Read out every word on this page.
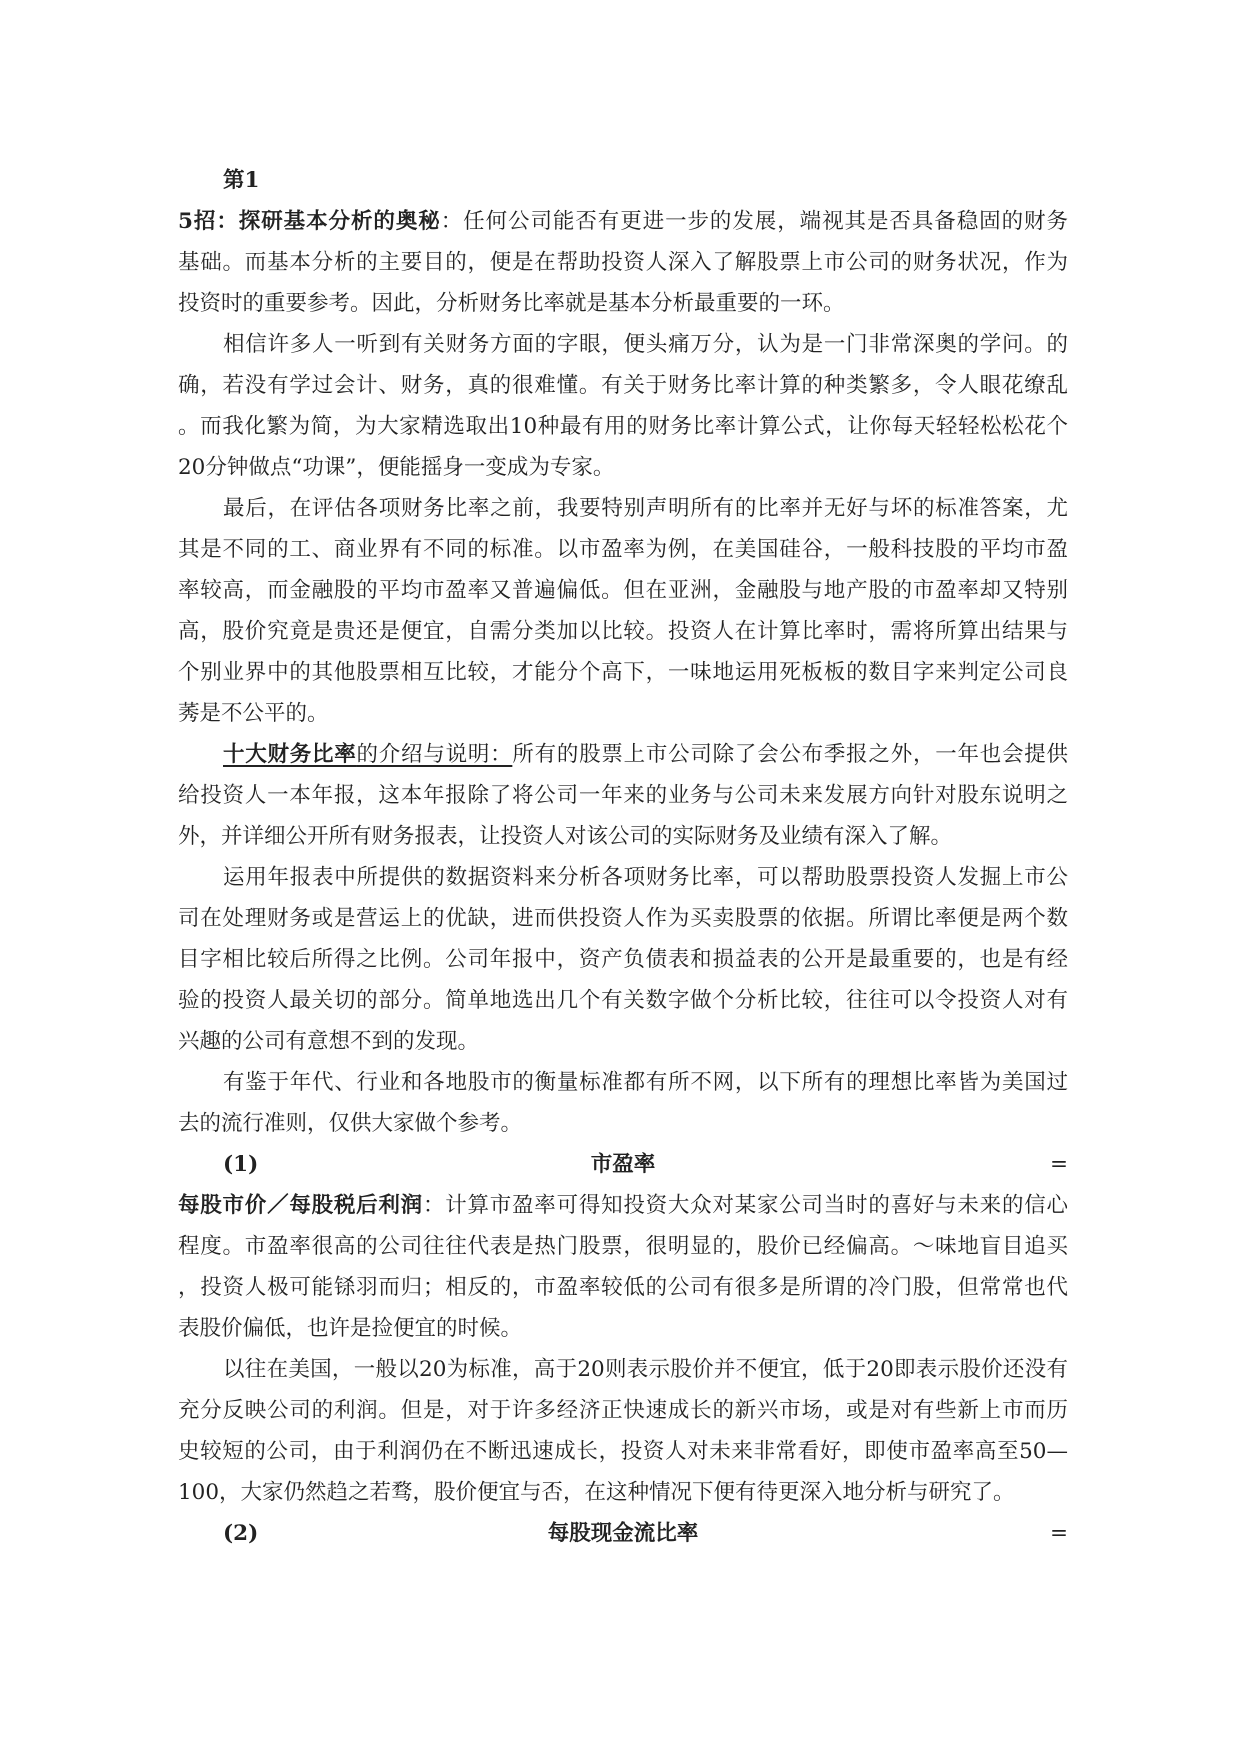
第1
5招：探研基本分析的奥秘：任何公司能否有更进一步的发展，端视其是否具备稳固的财务
基础。而基本分析的主要目的，便是在帮助投资人深入了解股票上市公司的财务状况，作为
投资时的重要参考。因此，分析财务比率就是基本分析最重要的一环。
相信许多人一听到有关财务方面的字眼，便头痛万分，认为是一门非常深奥的学问。的
确，若没有学过会计、财务，真的很难懂。有关于财务比率计算的种类繁多，令人眼花缭乱
。而我化繁为简，为大家精选取出10种最有用的财务比率计算公式，让你每天轻轻松松花个
20分钟做点“功课”，便能摇身一变成为专家。
最后，在评估各项财务比率之前，我要特别声明所有的比率并无好与坏的标准答案，尤
其是不同的工、商业界有不同的标准。以市盈率为例，在美国硅谷，一般科技股的平均市盈
率较高，而金融股的平均市盈率又普遍偏低。但在亚洲，金融股与地产股的市盈率却又特别
高，股价究竟是贵还是便宜，自需分类加以比较。投资人在计算比率时，需将所算出结果与
个别业界中的其他股票相互比较，才能分个高下，一味地运用死板板的数目字来判定公司良
莠是不公平的。
十大财务比率的介绍与说明：所有的股票上市公司除了会公布季报之外，一年也会提供
给投资人一本年报，这本年报除了将公司一年来的业务与公司未来发展方向针对股东说明之
外，并详细公开所有财务报表，让投资人对该公司的实际财务及业绩有深入了解。
运用年报表中所提供的数据资料来分析各项财务比率，可以帮助股票投资人发掘上市公
司在处理财务或是营运上的优缺，进而供投资人作为买卖股票的依据。所谓比率便是两个数
目字相比较后所得之比例。公司年报中，资产负债表和损益表的公开是最重要的，也是有经
验的投资人最关切的部分。简单地选出几个有关数字做个分析比较，往往可以令投资人对有
兴趣的公司有意想不到的发现。
有鉴于年代、行业和各地股市的衡量标准都有所不网，以下所有的理想比率皆为美国过
去的流行准则，仅供大家做个参考。
(1)	市盈率	=
每股市价／每股税后利润：计算市盈率可得知投资大众对某家公司当时的喜好与未来的信心
程度。市盈率很高的公司往往代表是热门股票，很明显的，股价已经偏高。～味地盲目追买
，投资人极可能铩羽而归；相反的，市盈率较低的公司有很多是所谓的冷门股，但常常也代
表股价偏低，也许是捡便宜的时候。
以往在美国，一般以20为标准，高于20则表示股价并不便宜，低于20即表示股价还没有
充分反映公司的利润。但是，对于许多经济正快速成长的新兴市场，或是对有些新上市而历
史较短的公司，由于利润仍在不断迅速成长，投资人对未来非常看好，即使市盈率高至50—
100，大家仍然趋之若骛，股价便宜与否，在这种情况下便有待更深入地分析与研究了。
(2)	每股现金流比率	=
